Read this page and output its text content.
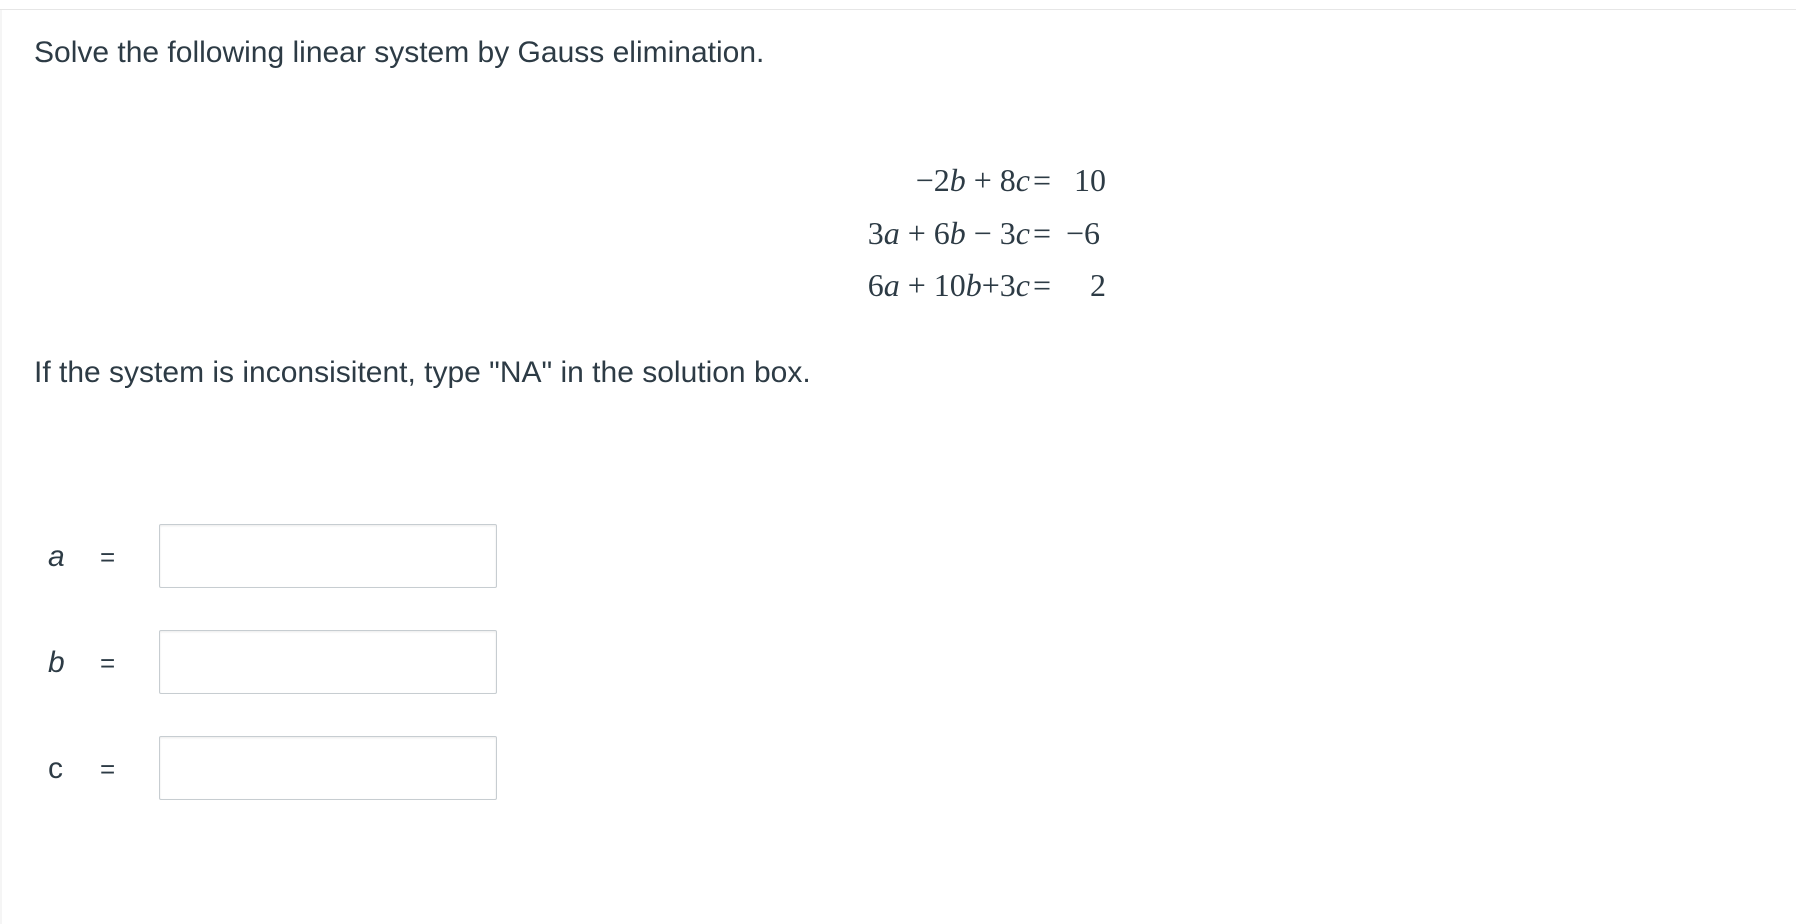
Solve the following linear system by Gauss elimination.
−2b + 8c = 10
3a + 6b − 3c = −6
6a + 10b+3c =	2
If the system is inconsisitent, type "NA" in the solution box.
a =
b =
c =
